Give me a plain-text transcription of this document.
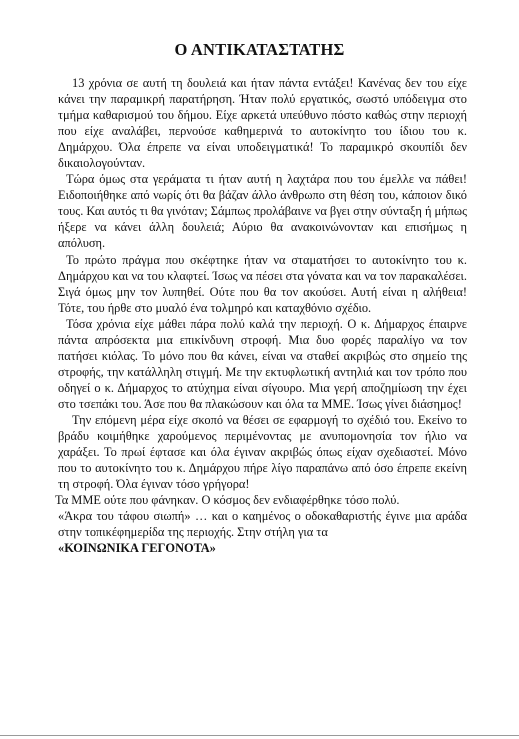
Ο ΑΝΤΙΚΑΤΑΣΤΑΤΗΣ

13 χρόνια σε αυτή τη δουλειά και ήταν πάντα εντάξει! Κανένας δεν του είχε κάνει την παραμικρή παρατήρηση. Ήταν πολύ εργατικός, σωστό υπόδειγμα στο τμήμα καθαρισμού του δήμου. Είχε αρκετά υπεύθυνο πόστο καθώς στην περιοχή που είχε αναλάβει, περνούσε καθημερινά το αυτοκίνητο του ίδιου του κ. Δημάρχου. Όλα έπρεπε να είναι υποδειγματικά! Το παραμικρό σκουπίδι δεν δικαιολογούνταν.

Τώρα όμως στα γεράματα τι ήταν αυτή η λαχτάρα που του έμελλε να πάθει! Ειδοποιήθηκε από νωρίς ότι θα βάζαν άλλο άνθρωπο στη θέση του, κάποιον δικό τους. Και αυτός τι θα γινόταν; Σάμπως προλάβαινε να βγει στην σύνταξη ή μήπως ήξερε να κάνει άλλη δουλειά; Αύριο θα ανακοινώνονταν και επισήμως η απόλυση.

Το πρώτο πράγμα που σκέφτηκε ήταν να σταματήσει το αυτοκίνητο του κ. Δημάρχου και να του κλαφτεί. Ίσως να πέσει στα γόνατα και να τον παρακαλέσει. Σιγά όμως μην τον λυπηθεί. Ούτε που θα τον ακούσει. Αυτή είναι η αλήθεια! Τότε, του ήρθε στο μυαλό ένα τολμηρό και καταχθόνιο σχέδιο.

Τόσα χρόνια είχε μάθει πάρα πολύ καλά την περιοχή. Ο κ. Δήμαρχος έπαιρνε πάντα απρόσεκτα μια επικίνδυνη στροφή. Μια δυο φορές παραλίγο να τον πατήσει κιόλας. Το μόνο που θα κάνει, είναι να σταθεί ακριβώς στο σημείο της στροφής, την κατάλληλη στιγμή. Με την εκτυφλωτική αντηλιά και τον τρόπο που οδηγεί ο κ. Δήμαρχος το ατύχημα είναι σίγουρο. Μια γερή αποζημίωση την έχει στο τσεπάκι του. Άσε που θα πλακώσουν και όλα τα ΜΜΕ. Ίσως γίνει διάσημος!

Την επόμενη μέρα είχε σκοπό να θέσει σε εφαρμογή το σχέδιό του. Εκείνο το βράδυ κοιμήθηκε χαρούμενος περιμένοντας με ανυπομονησία τον ήλιο να χαράξει. Το πρωί έφτασε και όλα έγιναν ακριβώς όπως είχαν σχεδιαστεί. Μόνο που το αυτοκίνητο του κ. Δημάρχου πήρε λίγο παραπάνω από όσο έπρεπε εκείνη τη στροφή. Όλα έγιναν τόσο γρήγορα!

Τα ΜΜΕ ούτε που φάνηκαν. Ο κόσμος δεν ενδιαφέρθηκε τόσο πολύ.

«Άκρα του τάφου σιωπή» … και ο καημένος ο οδοκαθαριστής έγινε μια αράδα στην τοπικέφημερίδα της περιοχής. Στην στήλη για τα

«ΚΟΙΝΩΝΙΚΑ ΓΕΓΟΝΟΤΑ»
